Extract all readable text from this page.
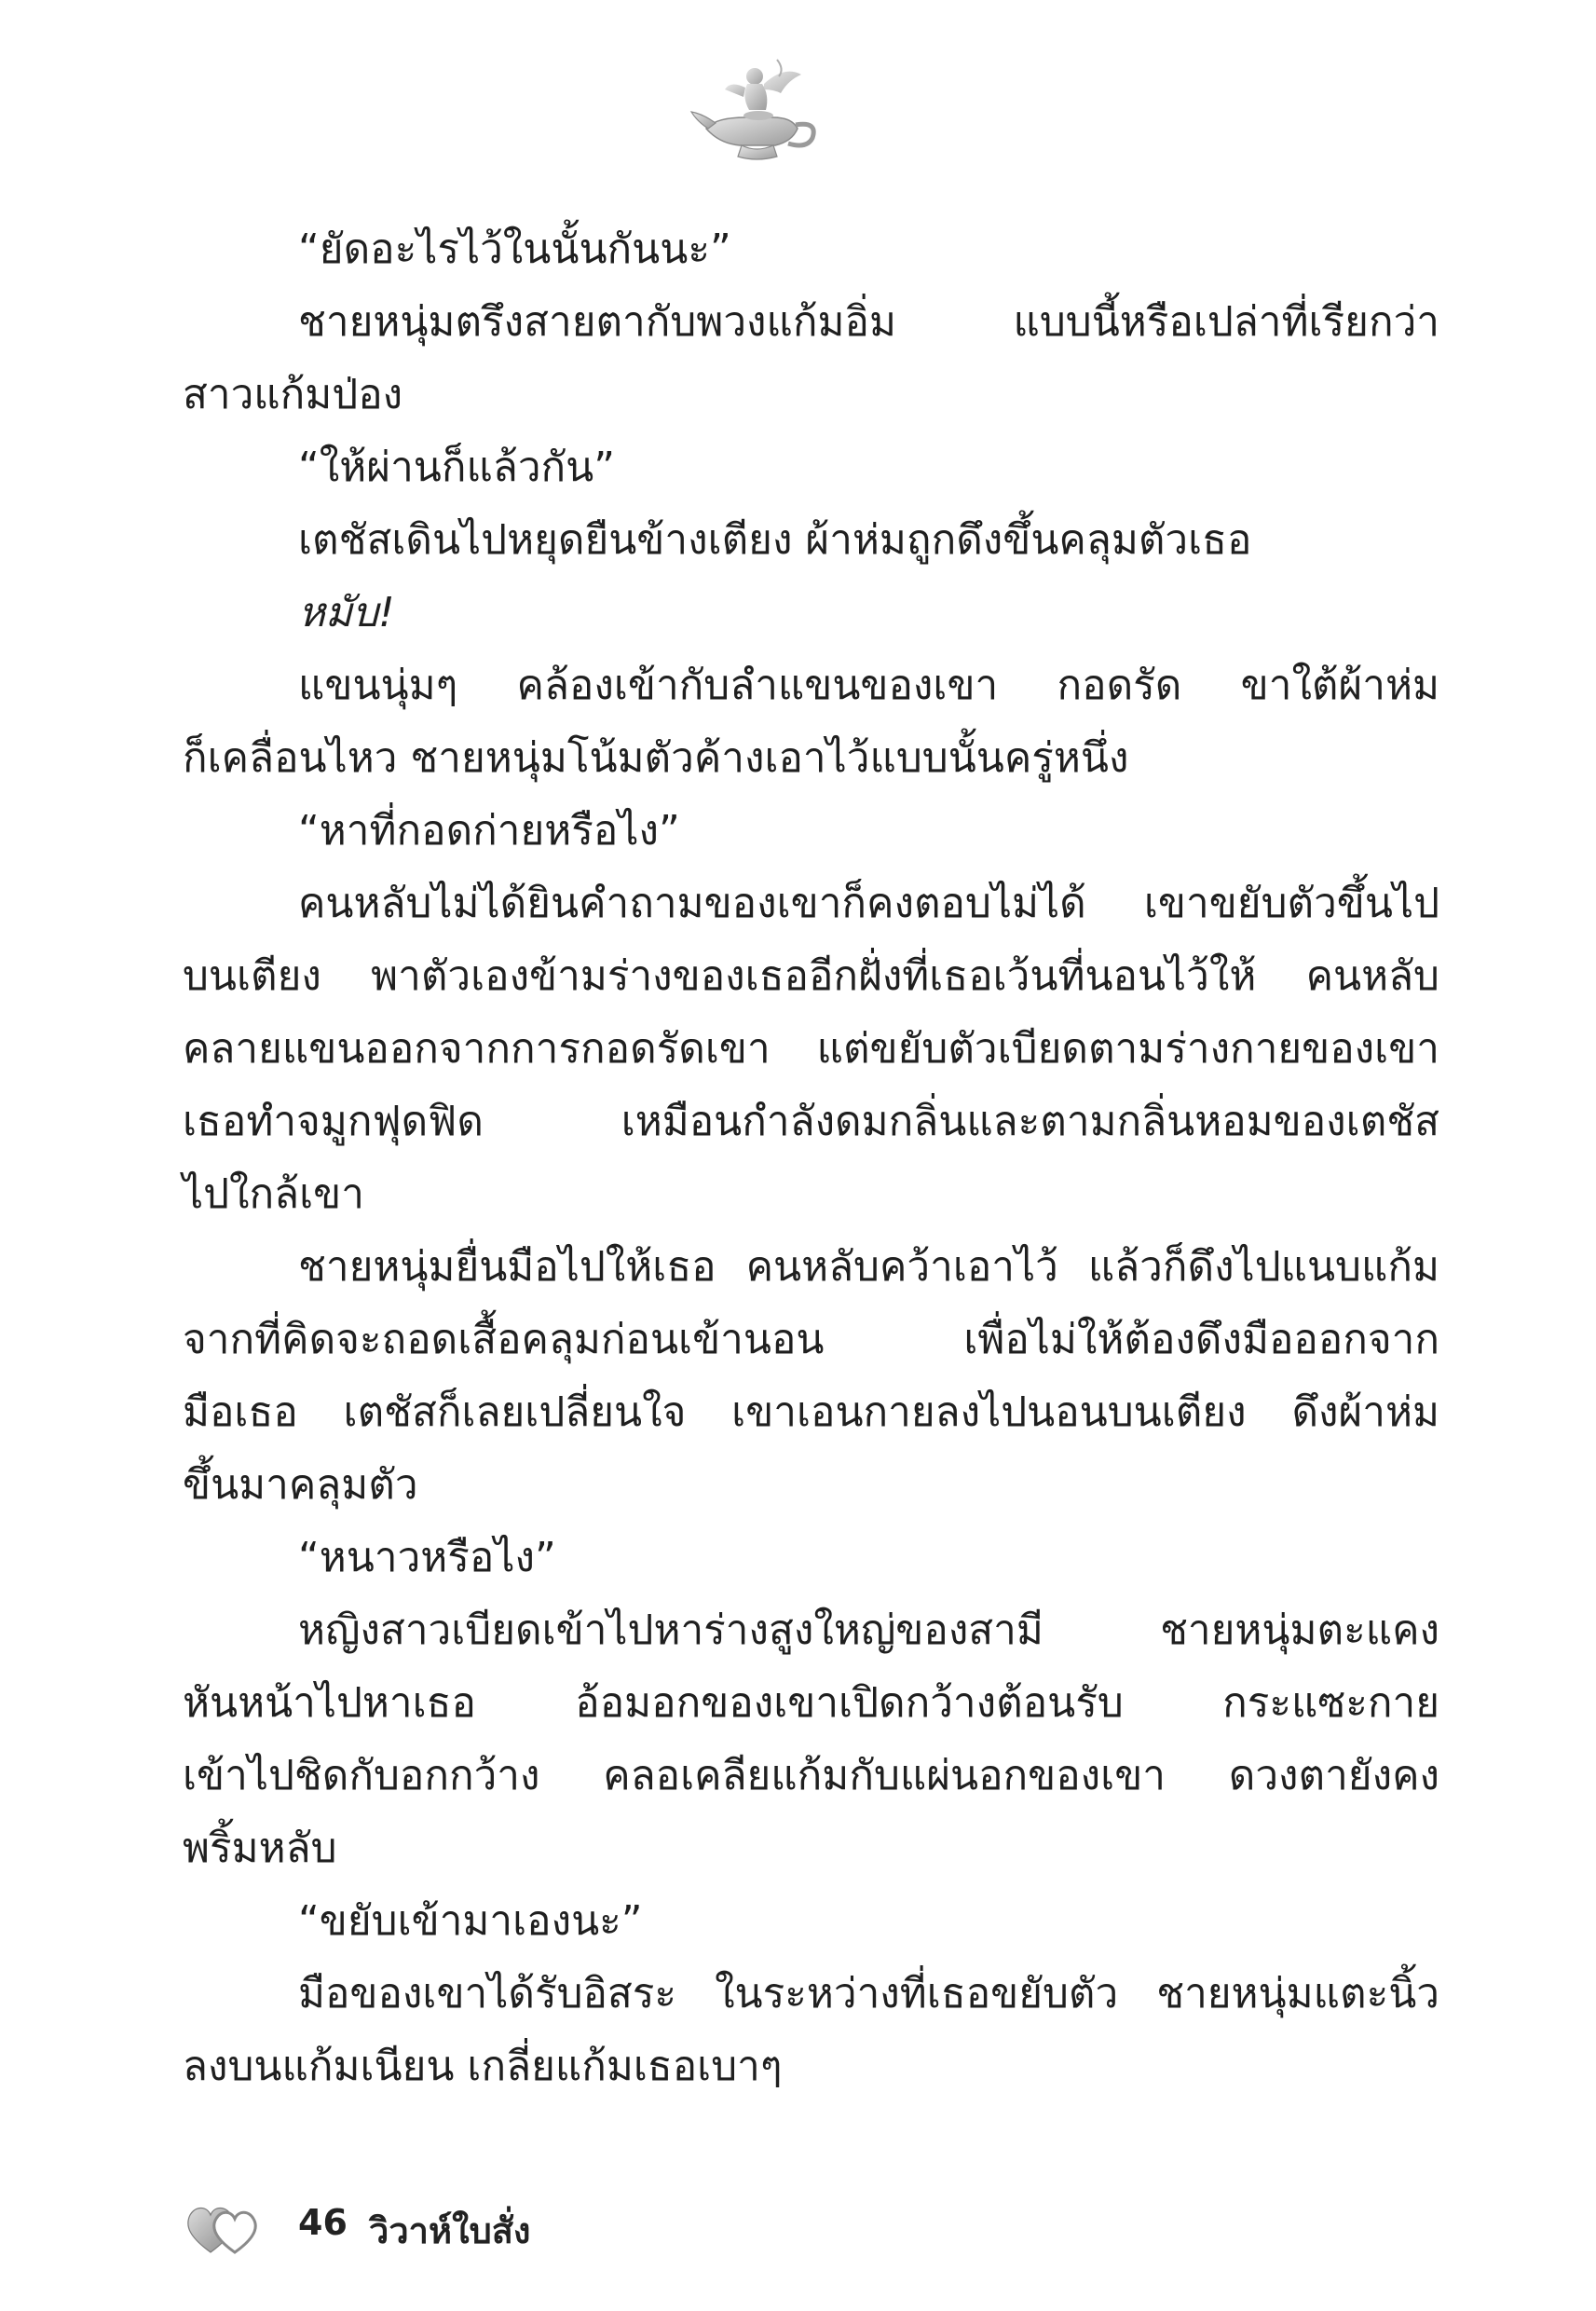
“ยัดอะไรไว้ในนั้นกันนะ”
ชายหนุ่มตรึงสายตากับพวงแก้มอิ่ม แบบนี้หรือเปล่าที่เรียกว่า
สาวแก้มป่อง
“ให้ผ่านก็แล้วกัน”
เตชัสเดินไปหยุดยืนข้างเตียง ผ้าห่มถูกดึงขึ้นคลุมตัวเธอ
หมับ!
แขนนุ่มๆ คล้องเข้ากับลำแขนของเขา กอดรัด ขาใต้ผ้าห่ม
ก็เคลื่อนไหว ชายหนุ่มโน้มตัวค้างเอาไว้แบบนั้นครู่หนึ่ง
“หาที่กอดก่ายหรือไง”
คนหลับไม่ได้ยินคำถามของเขาก็คงตอบไม่ได้ เขาขยับตัวขึ้นไป
บนเตียง พาตัวเองข้ามร่างของเธออีกฝั่งที่เธอเว้นที่นอนไว้ให้ คนหลับ
คลายแขนออกจากการกอดรัดเขา แต่ขยับตัวเบียดตามร่างกายของเขา
เธอทำจมูกฟุดฟิด เหมือนกำลังดมกลิ่นและตามกลิ่นหอมของเตชัส
ไปใกล้เขา
ชายหนุ่มยื่นมือไปให้เธอ คนหลับคว้าเอาไว้ แล้วก็ดึงไปแนบแก้ม
จากที่คิดจะถอดเสื้อคลุมก่อนเข้านอน เพื่อไม่ให้ต้องดึงมือออกจาก
มือเธอ เตชัสก็เลยเปลี่ยนใจ เขาเอนกายลงไปนอนบนเตียง ดึงผ้าห่ม
ขึ้นมาคลุมตัว
“หนาวหรือไง”
หญิงสาวเบียดเข้าไปหาร่างสูงใหญ่ของสามี ชายหนุ่มตะแคง
หันหน้าไปหาเธอ อ้อมอกของเขาเปิดกว้างต้อนรับ กระแซะกาย
เข้าไปชิดกับอกกว้าง คลอเคลียแก้มกับแผ่นอกของเขา ดวงตายังคง
พริ้มหลับ
“ขยับเข้ามาเองนะ”
มือของเขาได้รับอิสระ ในระหว่างที่เธอขยับตัว ชายหนุ่มแตะนิ้ว
ลงบนแก้มเนียน เกลี่ยแก้มเธอเบาๆ
46 วิวาห์ใบสั่ง
